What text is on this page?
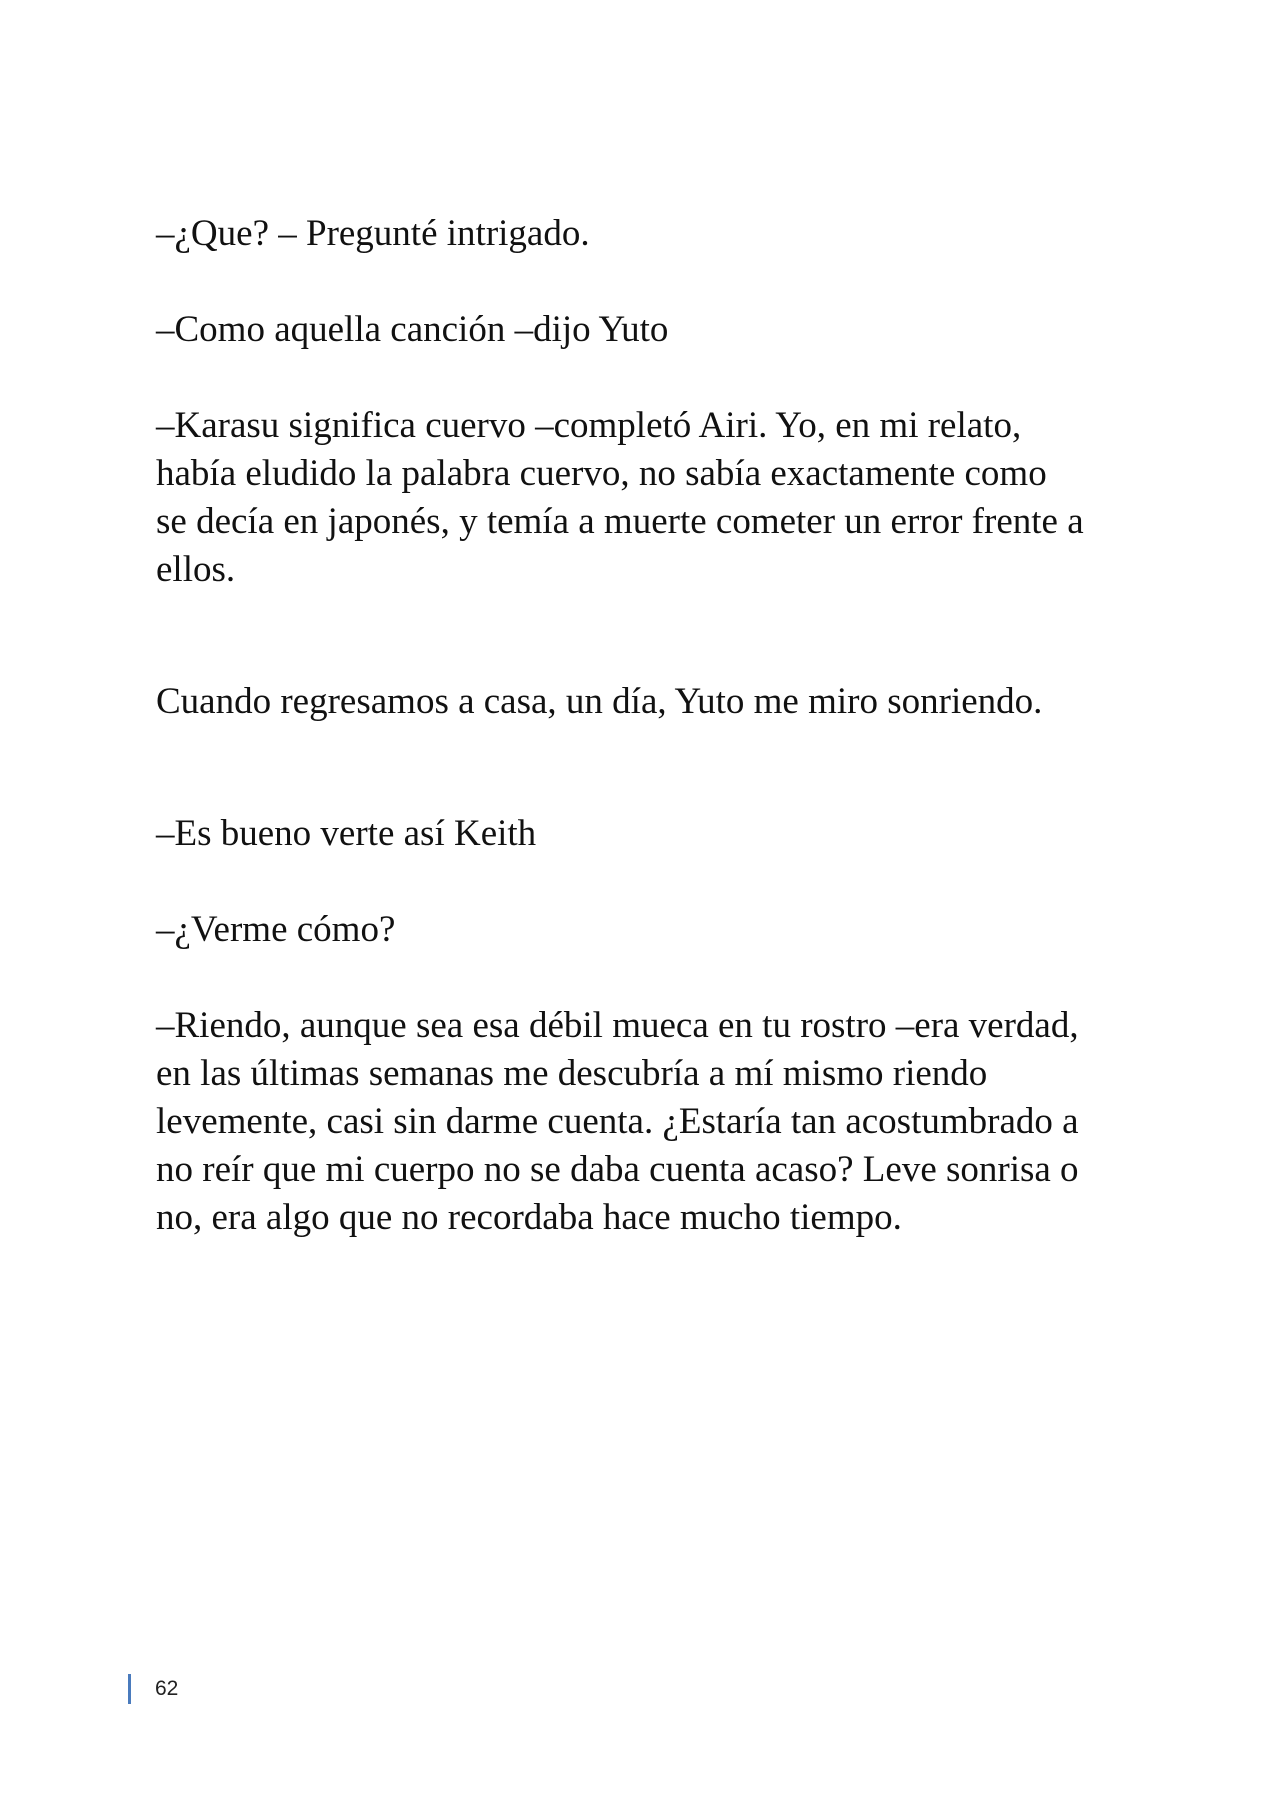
–¿Que? – Pregunté intrigado.

–Como aquella canción –dijo Yuto

–Karasu significa cuervo –completó Airi. Yo, en mi relato,
había eludido la palabra cuervo, no sabía exactamente como
se decía en japonés, y temía a muerte cometer un error frente a
ellos.

Cuando regresamos a casa, un día, Yuto me miro sonriendo.

–Es bueno verte así Keith

–¿Verme cómo?

–Riendo, aunque sea esa débil mueca en tu rostro –era verdad,
en las últimas semanas me descubría a mí mismo riendo
levemente, casi sin darme cuenta. ¿Estaría tan acostumbrado a
no reír que mi cuerpo no se daba cuenta acaso? Leve sonrisa o
no, era algo que no recordaba hace mucho tiempo.

62
